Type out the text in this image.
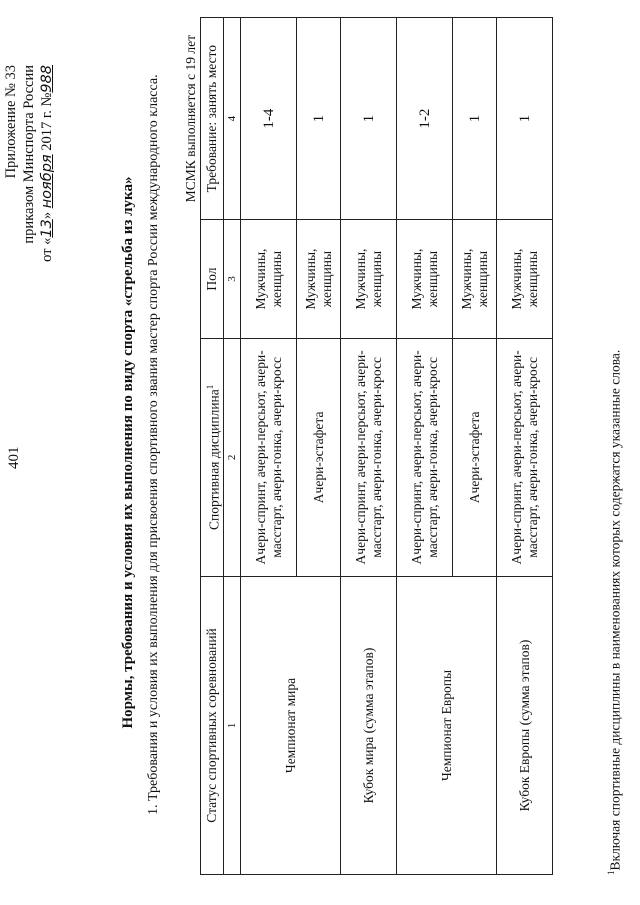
401
Приложение № 33 приказом Минспорта России
от «13» ноября 2017 г. №988
Нормы, требования и условия их выполнения по виду спорта «стрельба из лука» 1. Требования и условия их выполнения для присвоения спортивного звания мастер спорта России международного класса. МСМК выполняется с 19 лет
Статус спортивных соревнований	Спортивная дисциплина$^1$	Пол	Требование: занять место
1	2	3	4
Чемпионат мира	Ачери-спринт, ачери-персьют, ачери-масстарт, ачери-гонка, ачери-кросс	Мужчины, женщины	1-4
	Ачери-эстафета	Мужчины, женщины	1
Кубок мира (сумма этапов)	Ачери-спринт, ачери-персьют, ачери-масстарт, ачери-гонка, ачери-кросс	Мужчины, женщины	1
Чемпионат Европы	Ачери-спринт, ачери-персьют, ачери-масстарт, ачери-гонка, ачери-кросс	Мужчины, женщины	1-2
	Ачери-эстафета	Мужчины, женщины	1
Кубок Европы (сумма этапов)	Ачери-спринт, ачери-персьют, ачери-масстарт, ачери-гонка, ачери-кросс	Мужчины, женщины	1
$^1$Включая спортивные дисциплины в наименованиях которых содержатся указанные слова.
